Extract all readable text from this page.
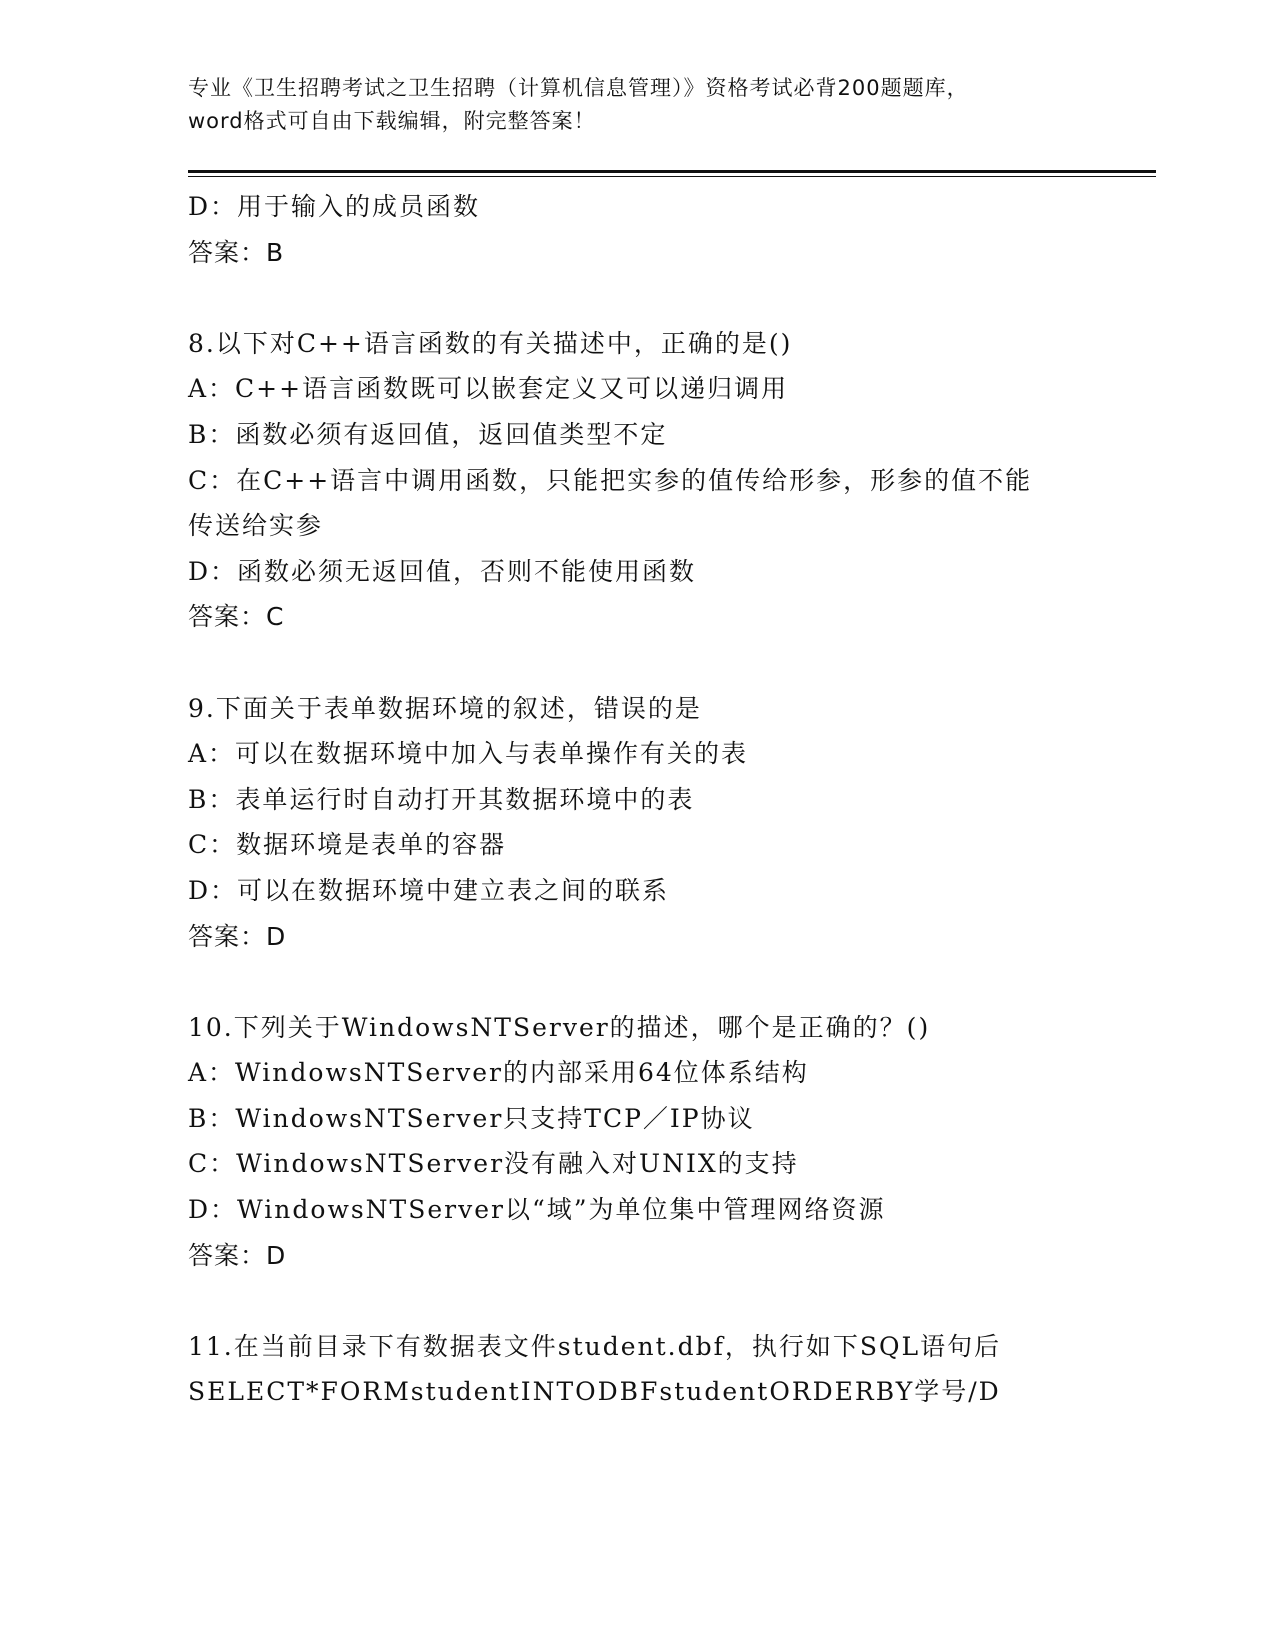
专业《卫生招聘考试之卫生招聘（计算机信息管理）》资格考试必背200题题库，

word格式可自由下载编辑，附完整答案！

D：用于输入的成员函数

答案：B

8.以下对C++语言函数的有关描述中，正确的是()

A：C++语言函数既可以嵌套定义又可以递归调用

B：函数必须有返回值，返回值类型不定

C：在C++语言中调用函数，只能把实参的值传给形参，形参的值不能

传送给实参

D：函数必须无返回值，否则不能使用函数

答案：C

9.下面关于表单数据环境的叙述，错误的是

A：可以在数据环境中加入与表单操作有关的表

B：表单运行时自动打开其数据环境中的表

C：数据环境是表单的容器

D：可以在数据环境中建立表之间的联系

答案：D

10.下列关于WindowsNTServer的描述，哪个是正确的？()

A：WindowsNTServer的内部采用64位体系结构

B：WindowsNTServer只支持TCP／IP协议

C：WindowsNTServer没有融入对UNIX的支持

D：WindowsNTServer以“域”为单位集中管理网络资源

答案：D

11.在当前目录下有数据表文件student.dbf，执行如下SQL语句后

SELECT*FORMstudentINTODBFstudentORDERBY学号/D
